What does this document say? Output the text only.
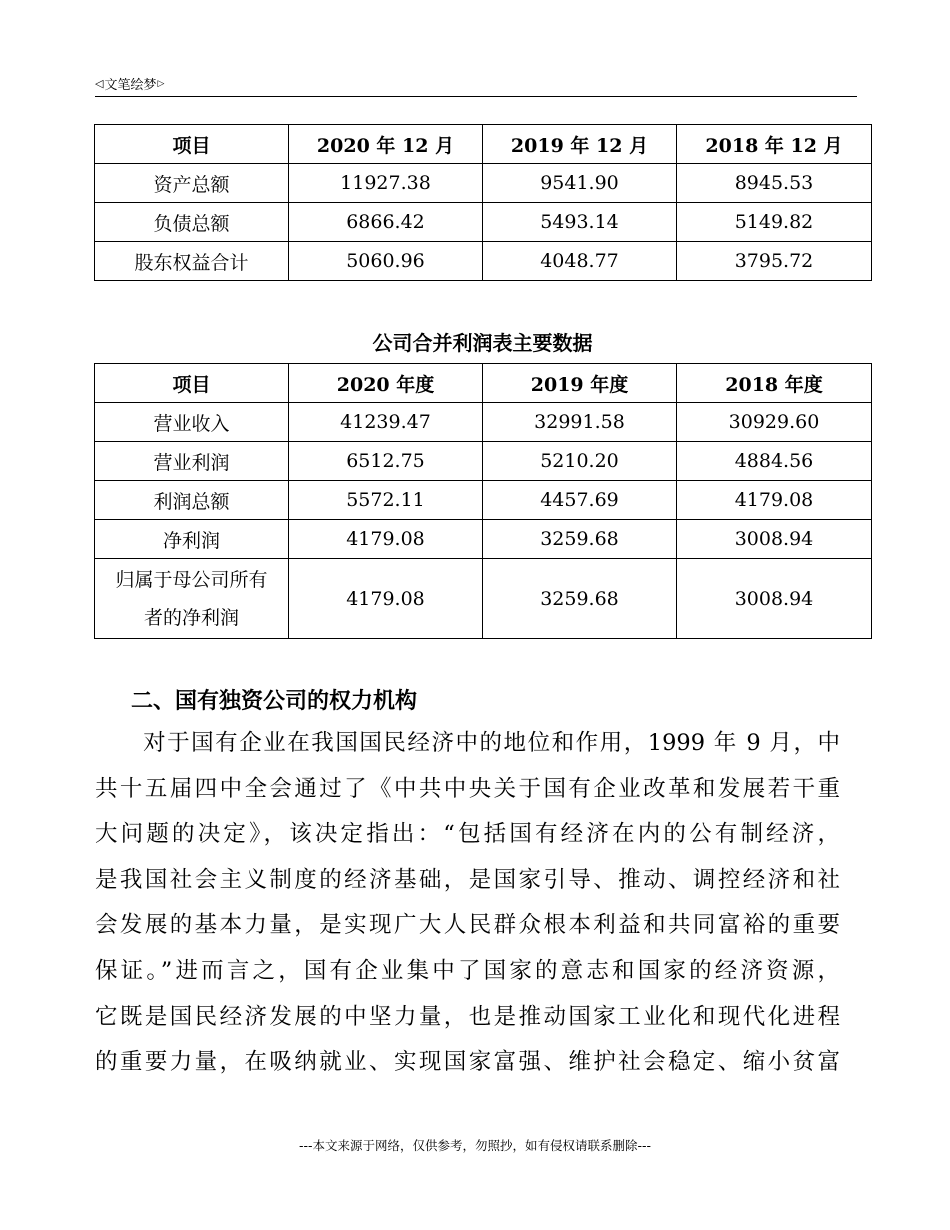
◁ 文笔绘梦 ▷
项目	2020 年 12 月	2019 年 12 月	2018 年 12 月
资产总额	11927.38	9541.90	8945.53
负债总额	6866.42	5493.14	5149.82
股东权益合计	5060.96	4048.77	3795.72
公司合并利润表主要数据
项目	2020 年度	2019 年度	2018 年度
营业收入	41239.47	32991.58	30929.60
营业利润	6512.75	5210.20	4884.56
利润总额	5572.11	4457.69	4179.08
净利润	4179.08	3259.68	3008.94

归属于母公司所有
者的净利润	4179.08	3259.68	3008.94
二、国有独资公司的权力机构
　　对于国有企业在我国国民经济中的地位和作用，1999 年 9 月，中
共十五届四中全会通过了《中共中央关于国有企业改革和发展若干重
大问题的决定》，该决定指出：“包括国有经济在内的公有制经济，
是我国社会主义制度的经济基础，是国家引导、推动、调控经济和社
会发展的基本力量，是实现广大人民群众根本利益和共同富裕的重要
保证。”进而言之，国有企业集中了国家的意志和国家的经济资源，
它既是国民经济发展的中坚力量，也是推动国家工业化和现代化进程
的重要力量，在吸纳就业、实现国家富强、维护社会稳定、缩小贫富
---本文来源于网络，仅供参考，勿照抄，如有侵权请联系删除---
